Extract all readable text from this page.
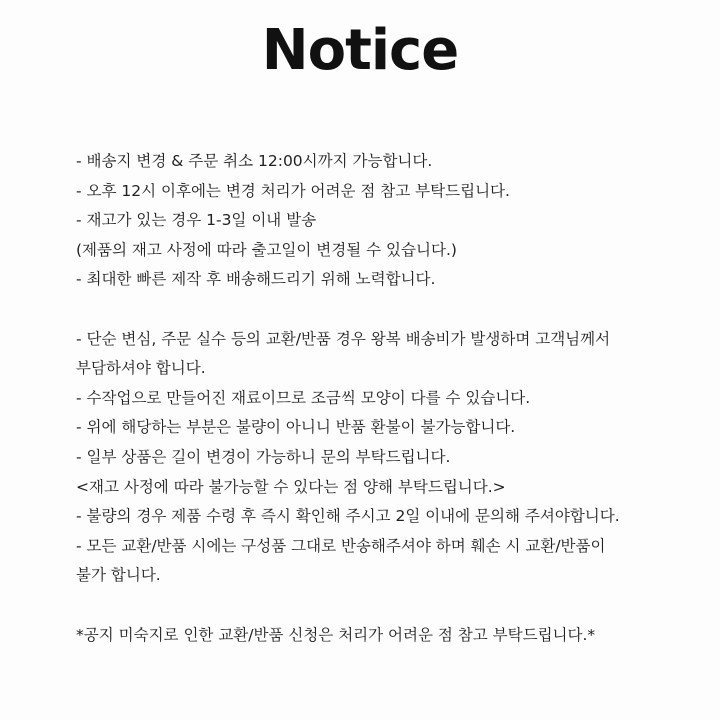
Notice
- 배송지 변경 & 주문 취소 12:00시까지 가능합니다.
- 오후 12시 이후에는 변경 처리가 어려운 점 참고 부탁드립니다.
- 재고가 있는 경우 1-3일 이내 발송
(제품의 재고 사정에 따라 출고일이 변경될 수 있습니다.)
- 최대한 빠른 제작 후 배송해드리기 위해 노력합니다.
- 단순 변심, 주문 실수 등의 교환/반품 경우 왕복 배송비가 발생하며 고객님께서
부담하셔야 합니다.
- 수작업으로 만들어진 재료이므로 조금씩 모양이 다를 수 있습니다.
- 위에 해당하는 부분은 불량이 아니니 반품 환불이 불가능합니다.
- 일부 상품은 길이 변경이 가능하니 문의 부탁드립니다.
<재고 사정에 따라 불가능할 수 있다는 점 양해 부탁드립니다.>
- 불량의 경우 제품 수령 후 즉시 확인해 주시고 2일 이내에 문의해 주셔야합니다.
- 모든 교환/반품 시에는 구성품 그대로 반송해주셔야 하며 훼손 시 교환/반품이
불가 합니다.
*공지 미숙지로 인한 교환/반품 신청은 처리가 어려운 점 참고 부탁드립니다.*
